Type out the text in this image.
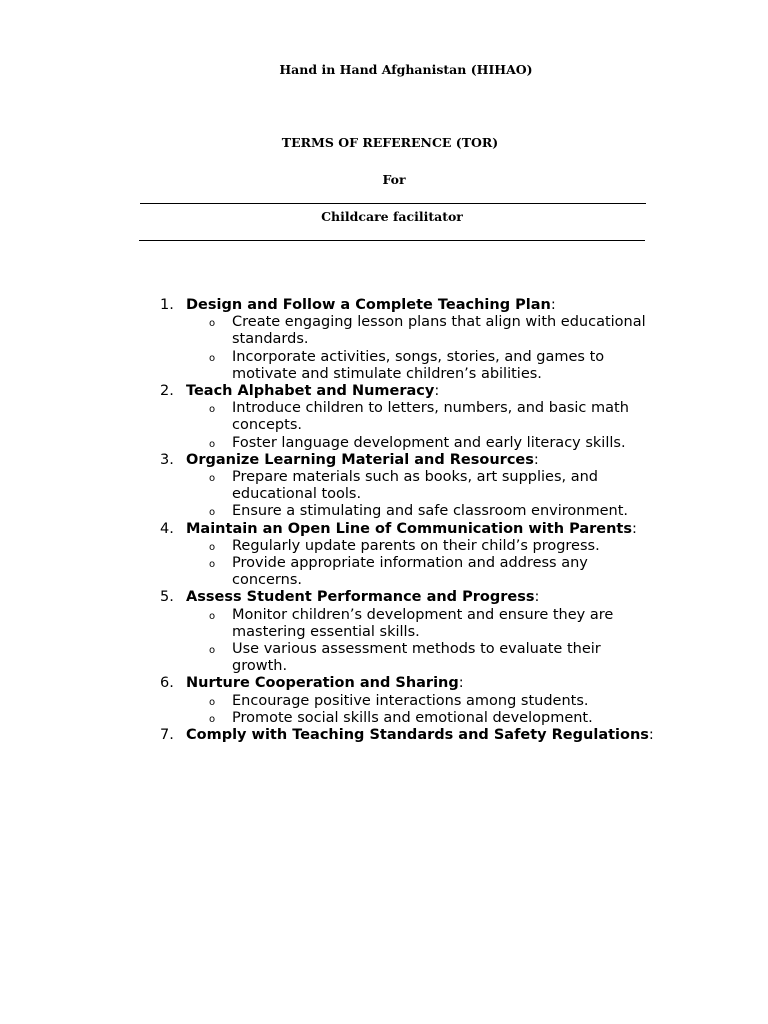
Hand in Hand Afghanistan (HIHAO)
TERMS OF REFERENCE (TOR)
For
Childcare facilitator
1. Design and Follow a Complete Teaching Plan:
o Create engaging lesson plans that align with educational standards.
o Incorporate activities, songs, stories, and games to motivate and stimulate children’s abilities.
2. Teach Alphabet and Numeracy:
o Introduce children to letters, numbers, and basic math concepts.
o Foster language development and early literacy skills.
3. Organize Learning Material and Resources:
o Prepare materials such as books, art supplies, and educational tools.
o Ensure a stimulating and safe classroom environment.
4. Maintain an Open Line of Communication with Parents:
o Regularly update parents on their child’s progress.
o Provide appropriate information and address any concerns.
5. Assess Student Performance and Progress:
o Monitor children’s development and ensure they are mastering essential skills.
o Use various assessment methods to evaluate their growth.
6. Nurture Cooperation and Sharing:
o Encourage positive interactions among students.
o Promote social skills and emotional development.
7. Comply with Teaching Standards and Safety Regulations:
